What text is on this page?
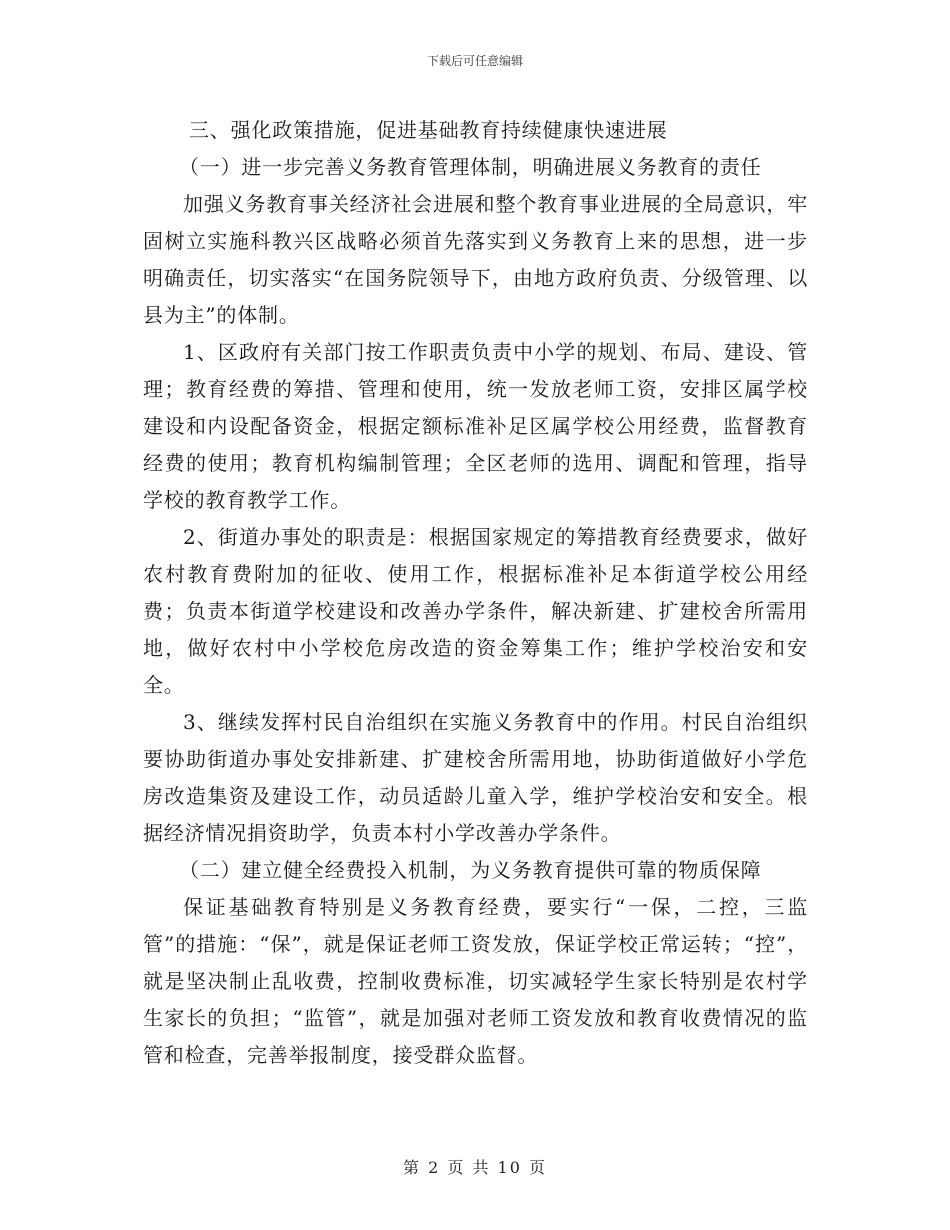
下载后可任意编辑

三、强化政策措施，促进基础教育持续健康快速进展

（一）进一步完善义务教育管理体制，明确进展义务教育的责任

加强义务教育事关经济社会进展和整个教育事业进展的全局意识，牢固树立实施科教兴区战略必须首先落实到义务教育上来的思想，进一步明确责任，切实落实“在国务院领导下，由地方政府负责、分级管理、以县为主”的体制。

1、区政府有关部门按工作职责负责中小学的规划、布局、建设、管理；教育经费的筹措、管理和使用，统一发放老师工资，安排区属学校建设和内设配备资金，根据定额标准补足区属学校公用经费，监督教育经费的使用；教育机构编制管理；全区老师的选用、调配和管理，指导学校的教育教学工作。

2、街道办事处的职责是：根据国家规定的筹措教育经费要求，做好农村教育费附加的征收、使用工作，根据标准补足本街道学校公用经费；负责本街道学校建设和改善办学条件，解决新建、扩建校舍所需用地，做好农村中小学校危房改造的资金筹集工作；维护学校治安和安全。

3、继续发挥村民自治组织在实施义务教育中的作用。村民自治组织要协助街道办事处安排新建、扩建校舍所需用地，协助街道做好小学危房改造集资及建设工作，动员适龄儿童入学，维护学校治安和安全。根据经济情况捐资助学，负责本村小学改善办学条件。

（二）建立健全经费投入机制，为义务教育提供可靠的物质保障

保证基础教育特别是义务教育经费，要实行“一保，二控，三监管”的措施：“保”，就是保证老师工资发放，保证学校正常运转；“控”，就是坚决制止乱收费，控制收费标准，切实减轻学生家长特别是农村学生家长的负担；“监管”，就是加强对老师工资发放和教育收费情况的监管和检查，完善举报制度，接受群众监督。

第 2 页 共 10 页
